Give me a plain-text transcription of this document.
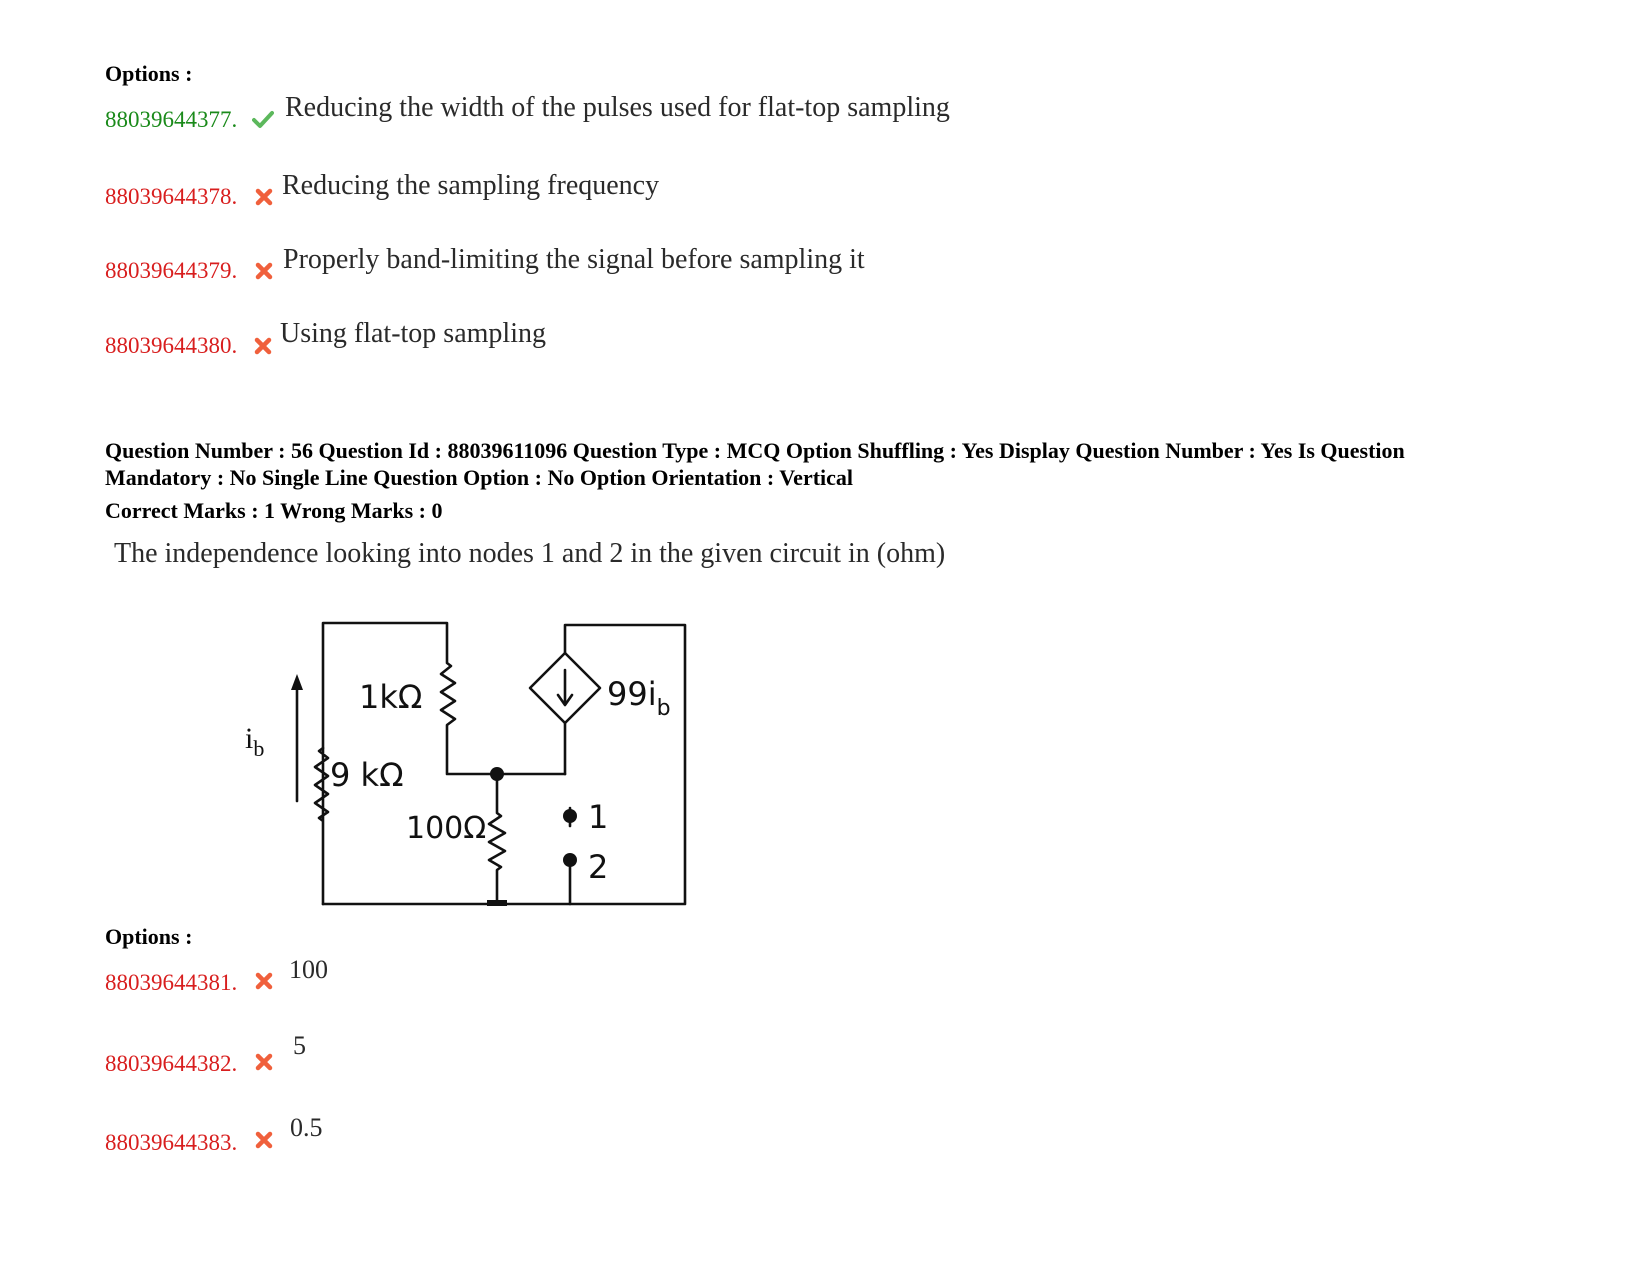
Options :
88039644377. Reducing the width of the pulses used for flat-top sampling
88039644378. Reducing the sampling frequency
88039644379. Properly band-limiting the signal before sampling it
88039644380. Using flat-top sampling
Question Number : 56 Question Id : 88039611096 Question Type : MCQ Option Shuffling : Yes Display Question Number : Yes Is Question
Mandatory : No Single Line Question Option : No Option Orientation : Vertical
Correct Marks : 1 Wrong Marks : 0
The independence looking into nodes 1 and 2 in the given circuit in (ohm)
1kΩ
9 kΩ
100Ω
$99i_b$
$i_b$
1
2
Options :
88039644381. 100
88039644382.
5
88039644383.
0.5
